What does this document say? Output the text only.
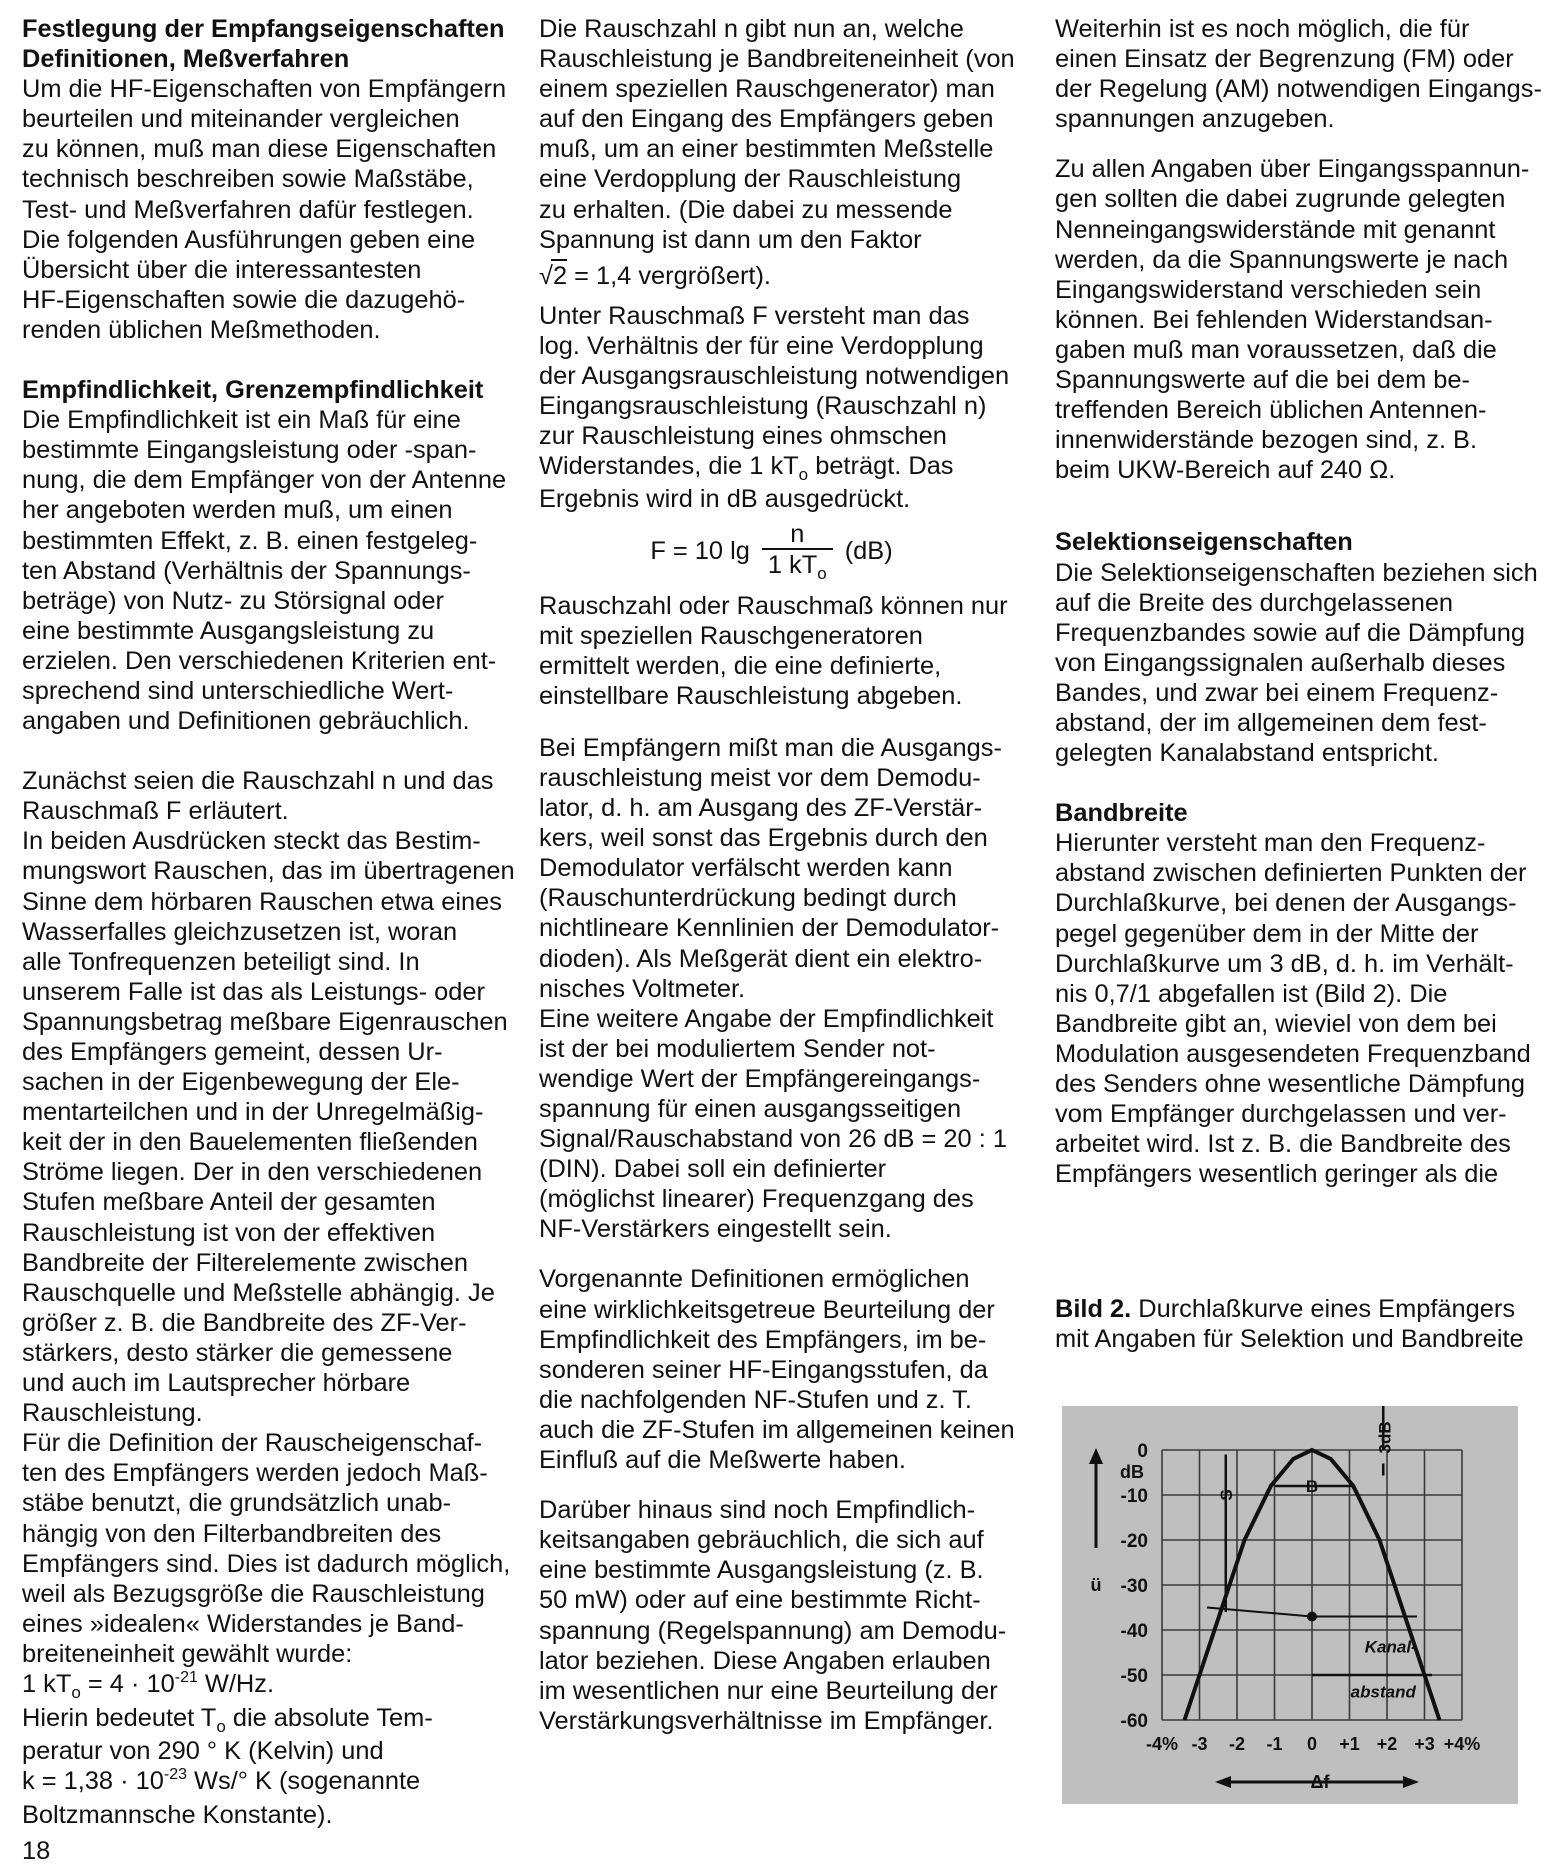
Festlegung der Empfangseigenschaften
Definitionen, Meßverfahren
Um die HF-Eigenschaften von Empfängern
beurteilen und miteinander vergleichen
zu können, muß man diese Eigenschaften
technisch beschreiben sowie Maßstäbe,
Test- und Meßverfahren dafür festlegen.
Die folgenden Ausführungen geben eine
Übersicht über die interessantesten
HF-Eigenschaften sowie die dazugehö-
renden üblichen Meßmethoden.
Empfindlichkeit, Grenzempfindlichkeit
Die Empfindlichkeit ist ein Maß für eine
bestimmte Eingangsleistung oder -span-
nung, die dem Empfänger von der Antenne
her angeboten werden muß, um einen
bestimmten Effekt, z. B. einen festgeleg-
ten Abstand (Verhältnis der Spannungs-
beträge) von Nutz- zu Störsignal oder
eine bestimmte Ausgangsleistung zu
erzielen. Den verschiedenen Kriterien ent-
sprechend sind unterschiedliche Wert-
angaben und Definitionen gebräuchlich.
Zunächst seien die Rauschzahl n und das
Rauschmaß F erläutert.
In beiden Ausdrücken steckt das Bestim-
mungswort Rauschen, das im übertragenen
Sinne dem hörbaren Rauschen etwa eines
Wasserfalles gleichzusetzen ist, woran
alle Tonfrequenzen beteiligt sind. In
unserem Falle ist das als Leistungs- oder
Spannungsbetrag meßbare Eigenrauschen
des Empfängers gemeint, dessen Ur-
sachen in der Eigenbewegung der Ele-
mentarteilchen und in der Unregelmäßig-
keit der in den Bauelementen fließenden
Ströme liegen. Der in den verschiedenen
Stufen meßbare Anteil der gesamten
Rauschleistung ist von der effektiven
Bandbreite der Filterelemente zwischen
Rauschquelle und Meßstelle abhängig. Je
größer z. B. die Bandbreite des ZF-Ver-
stärkers, desto stärker die gemessene
und auch im Lautsprecher hörbare
Rauschleistung.
Für die Definition der Rauscheigenschaf-
ten des Empfängers werden jedoch Maß-
stäbe benutzt, die grundsätzlich unab-
hängig von den Filterbandbreiten des
Empfängers sind. Dies ist dadurch möglich,
weil als Bezugsgröße die Rauschleistung
eines »idealen« Widerstandes je Band-
breiteneinheit gewählt wurde:
1 $kT_o = 4 \cdot 10^{-21}$ W/Hz.
Hierin bedeutet $T_o$ die absolute Tem-
peratur von 290 ° K (Kelvin) und
$k = 1,38 \cdot 10^{-23}$ Ws/° K (sogenannte
Boltzmannsche Konstante).
Die Rauschzahl n gibt nun an, welche
Rauschleistung je Bandbreiteneinheit (von
einem speziellen Rauschgenerator) man
auf den Eingang des Empfängers geben
muß, um an einer bestimmten Meßstelle
eine Verdopplung der Rauschleistung
zu erhalten. (Die dabei zu messende
Spannung ist dann um den Faktor
√2 = 1,4 vergrößert).
Unter Rauschmaß F versteht man das
log. Verhältnis der für eine Verdopplung
der Ausgangsrauschleistung notwendigen
Eingangsrauschleistung (Rauschzahl n)
zur Rauschleistung eines ohmschen
Widerstandes, die 1 $kT_o$ beträgt. Das
Ergebnis wird in dB ausgedrückt.
F = 10 $\lg \frac{n}{1 kT_o} (dB)$
Rauschzahl oder Rauschmaß können nur
mit speziellen Rauschgeneratoren
ermittelt werden, die eine definierte,
einstellbare Rauschleistung abgeben.
Bei Empfängern mißt man die Ausgangs-
rauschleistung meist vor dem Demodu-
lator, d. h. am Ausgang des ZF-Verstär-
kers, weil sonst das Ergebnis durch den
Demodulator verfälscht werden kann
(Rauschunterdrückung bedingt durch
nichtlineare Kennlinien der Demodulator-
dioden). Als Meßgerät dient ein elektro-
nisches Voltmeter.
Eine weitere Angabe der Empfindlichkeit
ist der bei moduliertem Sender not-
wendige Wert der Empfängereingangs-
spannung für einen ausgangsseitigen
Signal/Rauschabstand von 26 dB = 20 : 1
(DIN). Dabei soll ein definierter
(möglichst linearer) Frequenzgang des
NF-Verstärkers eingestellt sein.
Vorgenannte Definitionen ermöglichen
eine wirklichkeitsgetreue Beurteilung der
Empfindlichkeit des Empfängers, im be-
sonderen seiner HF-Eingangsstufen, da
die nachfolgenden NF-Stufen und z. T.
auch die ZF-Stufen im allgemeinen keinen
Einfluß auf die Meßwerte haben.
Darüber hinaus sind noch Empfindlich-
keitsangaben gebräuchlich, die sich auf
eine bestimmte Ausgangsleistung (z. B.
50 mW) oder auf eine bestimmte Richt-
spannung (Regelspannung) am Demodu-
lator beziehen. Diese Angaben erlauben
im wesentlichen nur eine Beurteilung der
Verstärkungsverhältnisse im Empfänger.
Weiterhin ist es noch möglich, die für
einen Einsatz der Begrenzung (FM) oder
der Regelung (AM) notwendigen Eingangs-
spannungen anzugeben.
Zu allen Angaben über Eingangsspannun-
gen sollten die dabei zugrunde gelegten
Nenneingangswiderstände mit genannt
werden, da die Spannungswerte je nach
Eingangswiderstand verschieden sein
können. Bei fehlenden Widerstandsan-
gaben muß man voraussetzen, daß die
Spannungswerte auf die bei dem be-
treffenden Bereich üblichen Antennen-
innenwiderstände bezogen sind, z. B.
beim UKW-Bereich auf 240 Ω.
Selektionseigenschaften
Die Selektionseigenschaften beziehen sich
auf die Breite des durchgelassenen
Frequenzbandes sowie auf die Dämpfung
von Eingangssignalen außerhalb dieses
Bandes, und zwar bei einem Frequenz-
abstand, der im allgemeinen dem fest-
gelegten Kanalabstand entspricht.
Bandbreite
Hierunter versteht man den Frequenz-
abstand zwischen definierten Punkten der
Durchlaßkurve, bei denen der Ausgangs-
pegel gegenüber dem in der Mitte der
Durchlaßkurve um 3 dB, d. h. im Verhält-
nis 0,7/1 abgefallen ist (Bild 2). Die
Bandbreite gibt an, wieviel von dem bei
Modulation ausgesendeten Frequenzband
des Senders ohne wesentliche Dämpfung
vom Empfänger durchgelassen und ver-
arbeitet wird. Ist z. B. die Bandbreite des
Empfängers wesentlich geringer als die
Bild 2. Durchlaßkurve eines Empfängers
mit Angaben für Selektion und Bandbreite
0
-10
-20
-30
-40
-50
-60
dB
ü
-4% -3 -2 -1 0 +1 +2 +3 +4%
Δf
3dB
S	B
Kanal-
abstand
18
